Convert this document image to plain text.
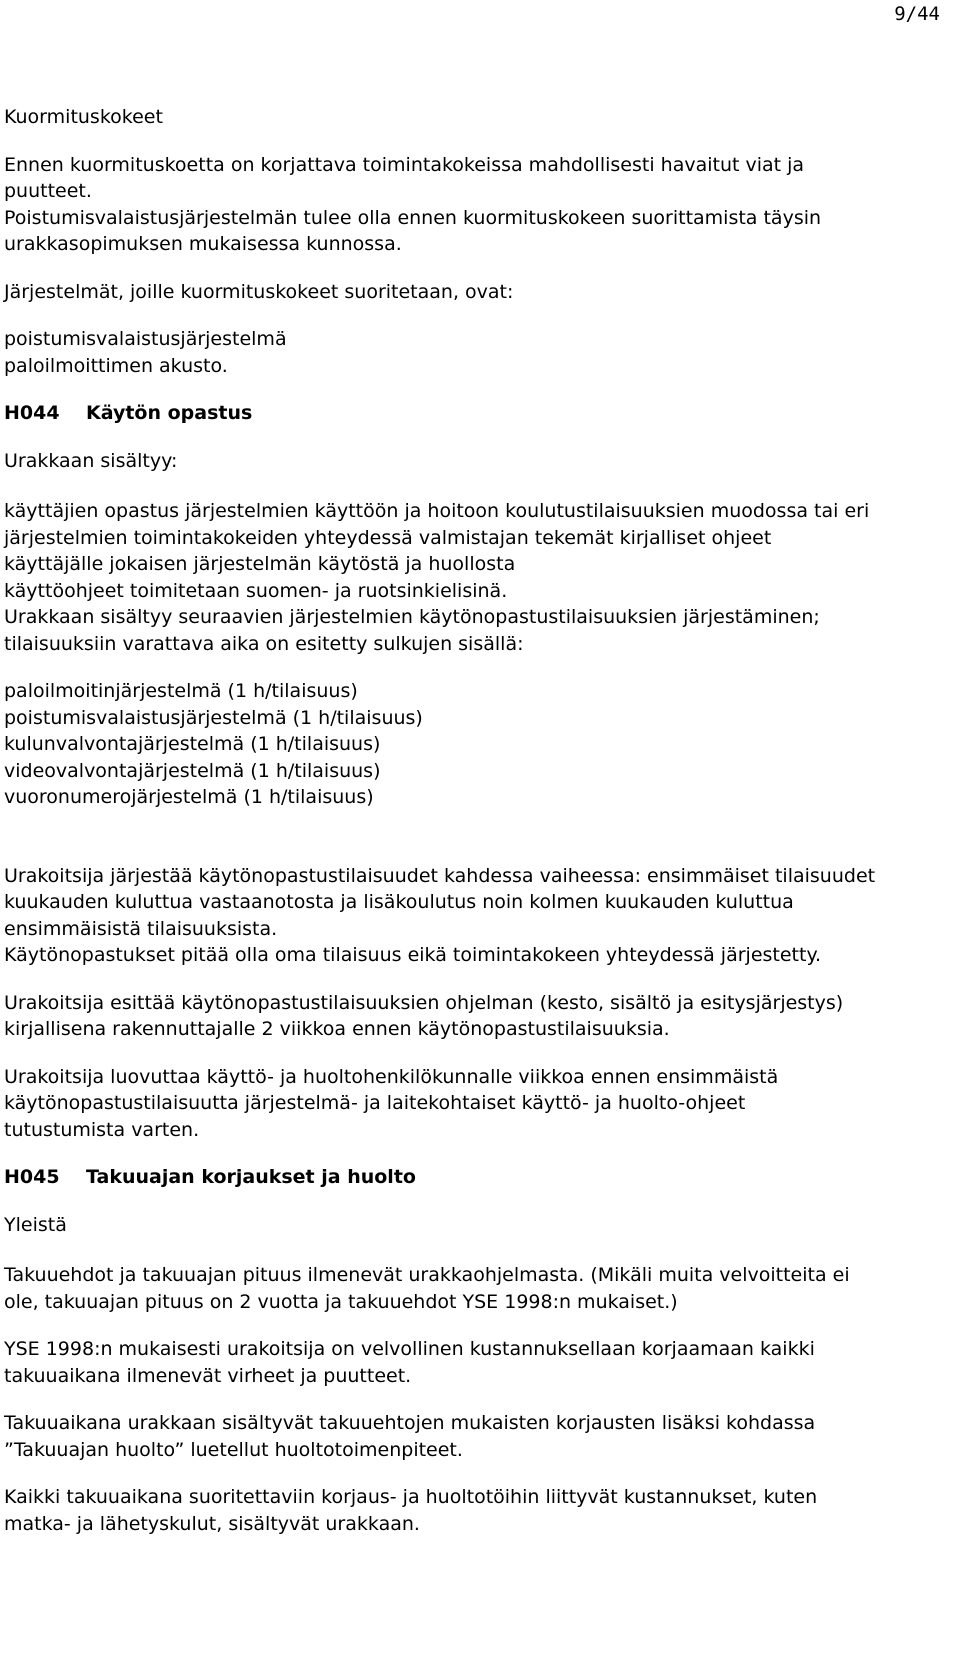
9/44

Kuormituskokeet

Ennen kuormituskoetta on korjattava toimintakokeissa mahdollisesti havaitut viat ja

puutteet.

Poistumisvalaistusjärjestelmän tulee olla ennen kuormituskokeen suorittamista täysin

urakkasopimuksen mukaisessa kunnossa.

Järjestelmät, joille kuormituskokeet suoritetaan, ovat:

poistumisvalaistusjärjestelmä

paloilmoittimen akusto.

H044	Käytön opastus

Urakkaan sisältyy:

käyttäjien opastus järjestelmien käyttöön ja hoitoon koulutustilaisuuksien muodossa tai eri

järjestelmien toimintakokeiden yhteydessä valmistajan tekemät kirjalliset ohjeet

käyttäjälle jokaisen järjestelmän käytöstä ja huollosta

käyttöohjeet toimitetaan suomen- ja ruotsinkielisinä.

Urakkaan sisältyy seuraavien järjestelmien käytönopastustilaisuuksien järjestäminen;

tilaisuuksiin varattava aika on esitetty sulkujen sisällä:

paloilmoitinjärjestelmä (1 h/tilaisuus)

poistumisvalaistusjärjestelmä (1 h/tilaisuus)

kulunvalvontajärjestelmä (1 h/tilaisuus)

videovalvontajärjestelmä (1 h/tilaisuus)

vuoronumerojärjestelmä (1 h/tilaisuus)

Urakoitsija järjestää käytönopastustilaisuudet kahdessa vaiheessa: ensimmäiset tilaisuudet

kuukauden kuluttua vastaanotosta ja lisäkoulutus noin kolmen kuukauden kuluttua

ensimmäisistä tilaisuuksista.

Käytönopastukset pitää olla oma tilaisuus eikä toimintakokeen yhteydessä järjestetty.

Urakoitsija esittää käytönopastustilaisuuksien ohjelman (kesto, sisältö ja esitysjärjestys)

kirjallisena rakennuttajalle 2 viikkoa ennen käytönopastustilaisuuksia.

Urakoitsija luovuttaa käyttö- ja huoltohenkilökunnalle viikkoa ennen ensimmäistä

käytönopastustilaisuutta järjestelmä- ja laitekohtaiset käyttö- ja huolto-ohjeet

tutustumista varten.

H045	Takuuajan korjaukset ja huolto

Yleistä

Takuuehdot ja takuuajan pituus ilmenevät urakkaohjelmasta. (Mikäli muita velvoitteita ei

ole, takuuajan pituus on 2 vuotta ja takuuehdot YSE 1998:n mukaiset.)

YSE 1998:n mukaisesti urakoitsija on velvollinen kustannuksellaan korjaamaan kaikki

takuuaikana ilmenevät virheet ja puutteet.

Takuuaikana urakkaan sisältyvät takuuehtojen mukaisten korjausten lisäksi kohdassa

”Takuuajan huolto” luetellut huoltotoimenpiteet.

Kaikki takuuaikana suoritettaviin korjaus- ja huoltotöihin liittyvät kustannukset, kuten

matka- ja lähetyskulut, sisältyvät urakkaan.
